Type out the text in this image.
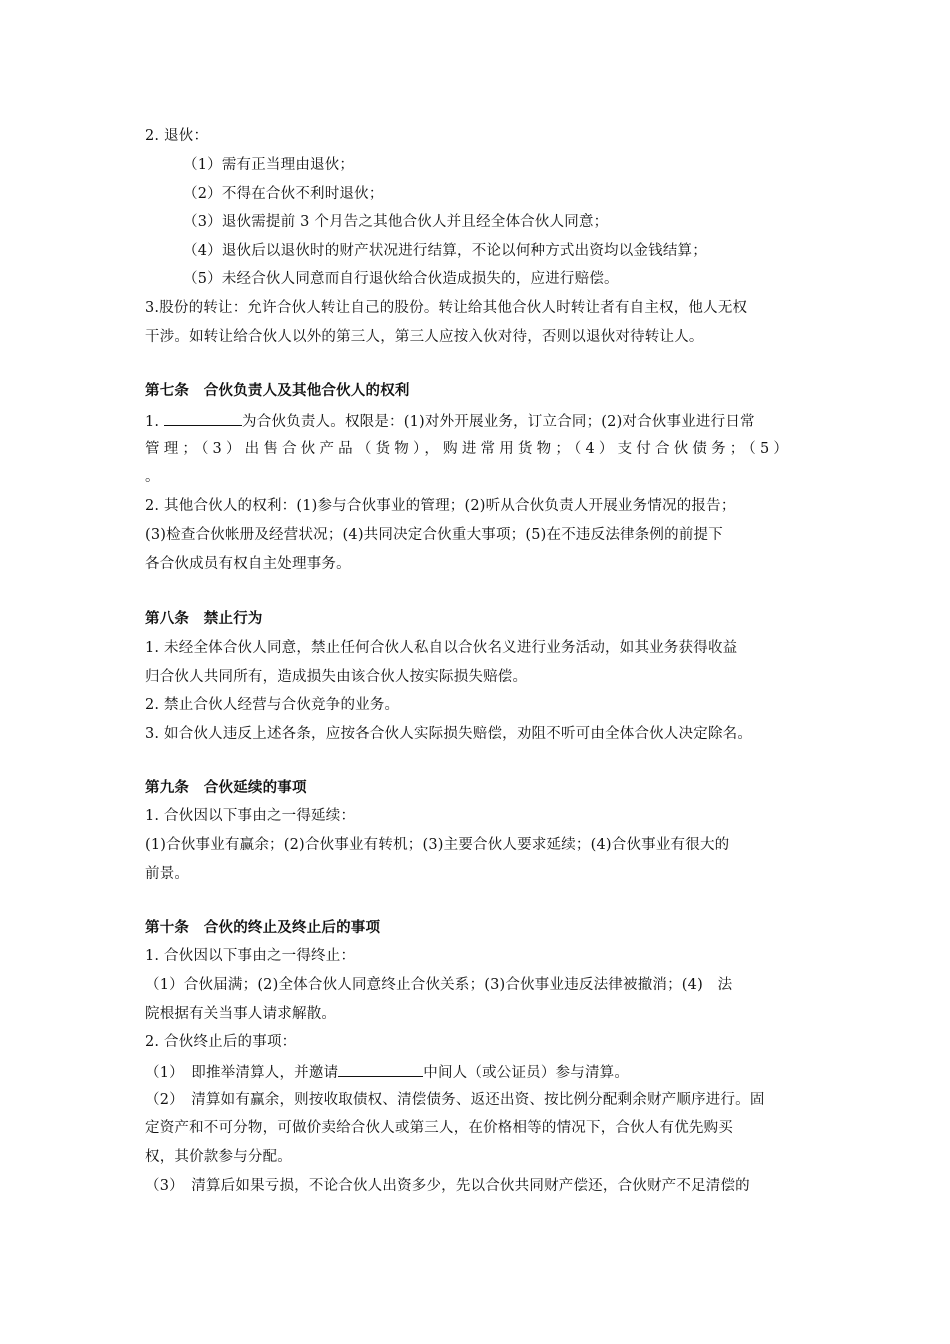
2. 退伙：
（1）需有正当理由退伙；
（2）不得在合伙不利时退伙；
（3）退伙需提前 3 个月告之其他合伙人并且经全体合伙人同意；
（4）退伙后以退伙时的财产状况进行结算，不论以何种方式出资均以金钱结算；
（5）未经合伙人同意而自行退伙给合伙造成损失的，应进行赔偿。
3.股份的转让：允许合伙人转让自己的股份。转让给其他合伙人时转让者有自主权，他人无权
干涉。如转让给合伙人以外的第三人，第三人应按入伙对待，否则以退伙对待转让人。
第七条　合伙负责人及其他合伙人的权利
1.	为合伙负责人。权限是：(1)对外开展业务，订立合同；(2)对合伙事业进行日常
管理；（3）出售合伙产品（货物），购进常用货物；（4）支付合伙债务；（5）
。
2. 其他合伙人的权利：(1)参与合伙事业的管理；(2)听从合伙负责人开展业务情况的报告；
(3)检查合伙帐册及经营状况；(4)共同决定合伙重大事项；(5)在不违反法律条例的前提下
各合伙成员有权自主处理事务。
第八条　禁止行为
1. 未经全体合伙人同意，禁止任何合伙人私自以合伙名义进行业务活动，如其业务获得收益
归合伙人共同所有，造成损失由该合伙人按实际损失赔偿。
2. 禁止合伙人经营与合伙竞争的业务。
3. 如合伙人违反上述各条，应按各合伙人实际损失赔偿，劝阻不听可由全体合伙人决定除名。
第九条　合伙延续的事项
1. 合伙因以下事由之一得延续：
(1)合伙事业有赢余；(2)合伙事业有转机；(3)主要合伙人要求延续；(4)合伙事业有很大的
前景。
第十条　合伙的终止及终止后的事项
1. 合伙因以下事由之一得终止：
（1）合伙届满；(2)全体合伙人同意终止合伙关系；(3)合伙事业违反法律被撤消；(4)　法
院根据有关当事人请求解散。
2. 合伙终止后的事项：
（1）　即推举清算人，并邀请	中间人（或公证员）参与清算。
（2）　清算如有赢余，则按收取债权、清偿债务、返还出资、按比例分配剩余财产顺序进行。固
定资产和不可分物，可做价卖给合伙人或第三人，在价格相等的情况下，合伙人有优先购买
权，其价款参与分配。
（3）　清算后如果亏损，不论合伙人出资多少，先以合伙共同财产偿还，合伙财产不足清偿的
